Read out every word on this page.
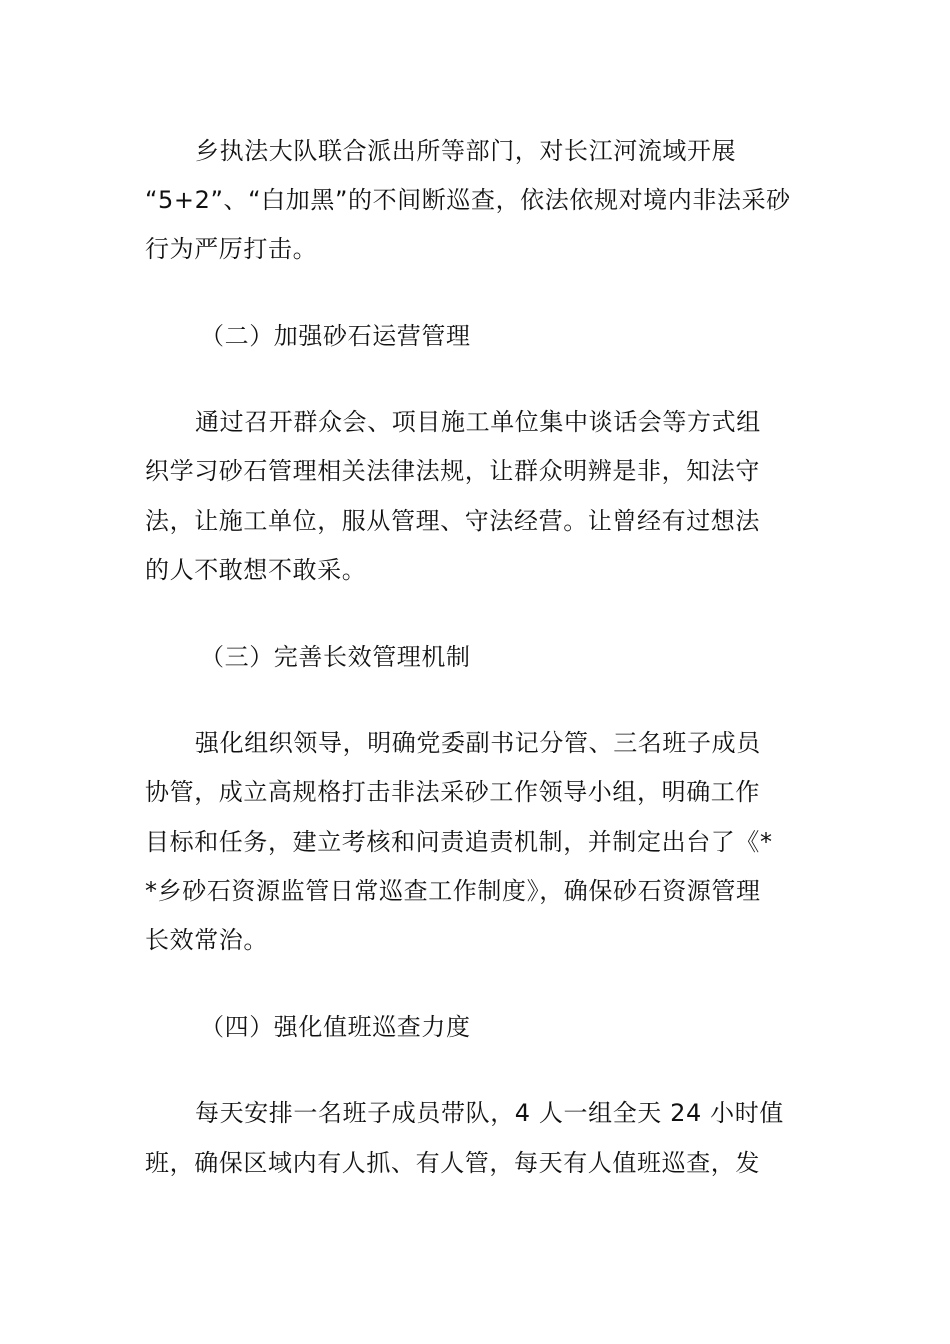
乡执法大队联合派出所等部门，对长江河流域开展
“5+2”、“白加黑”的不间断巡查，依法依规对境内非法采砂
行为严厉打击。
（二）加强砂石运营管理
通过召开群众会、项目施工单位集中谈话会等方式组
织学习砂石管理相关法律法规，让群众明辨是非，知法守
法，让施工单位，服从管理、守法经营。让曾经有过想法
的人不敢想不敢采。
（三）完善长效管理机制
强化组织领导，明确党委副书记分管、三名班子成员
协管，成立高规格打击非法采砂工作领导小组，明确工作
目标和任务，建立考核和问责追责机制，并制定出台了《*
*乡砂石资源监管日常巡查工作制度》，确保砂石资源管理
长效常治。
（四）强化值班巡查力度
每天安排一名班子成员带队，4 人一组全天 24 小时值
班，确保区域内有人抓、有人管，每天有人值班巡查，发
